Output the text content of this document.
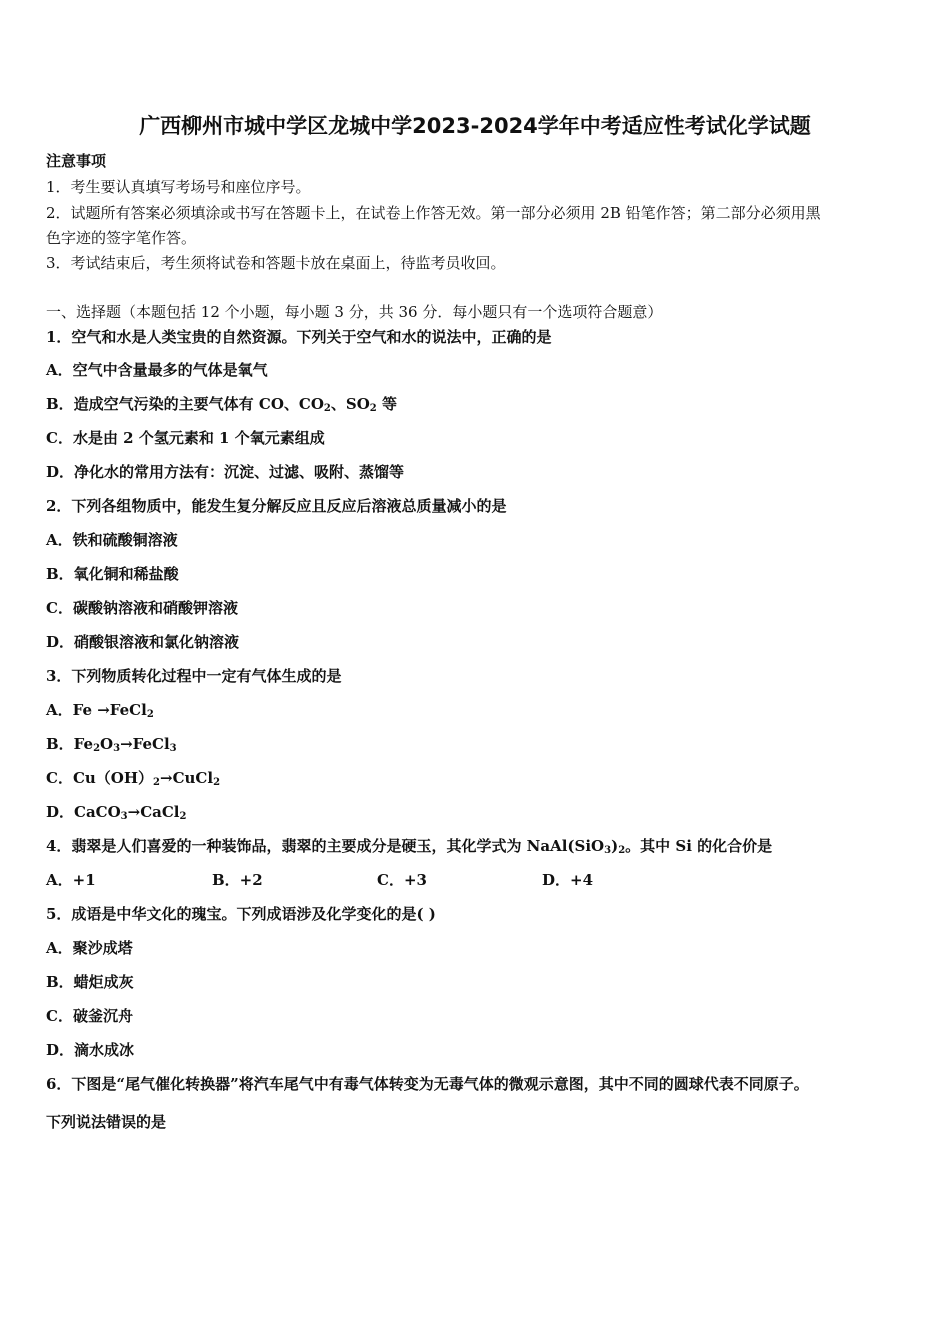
广西柳州市城中学区龙城中学2023-2024学年中考适应性考试化学试题
注意事项
1．考生要认真填写考场号和座位序号。
2．试题所有答案必须填涂或书写在答题卡上，在试卷上作答无效。第一部分必须用 2B 铅笔作答；第二部分必须用黑
色字迹的签字笔作答。
3．考试结束后，考生须将试卷和答题卡放在桌面上，待监考员收回。
一、选择题（本题包括 12 个小题，每小题 3 分，共 36 分．每小题只有一个选项符合题意）
1．空气和水是人类宝贵的自然资源。下列关于空气和水的说法中，正确的是
A．空气中含量最多的气体是氧气
B．造成空气污染的主要气体有 CO、$CO_2$、$SO_2$ 等
C．水是由 2 个氢元素和 1 个氧元素组成
D．净化水的常用方法有：沉淀、过滤、吸附、蒸馏等
2．下列各组物质中，能发生复分解反应且反应后溶液总质量减小的是
A．铁和硫酸铜溶液
B．氧化铜和稀盐酸
C．碳酸钠溶液和硝酸钾溶液
D．硝酸银溶液和氯化钠溶液
3．下列物质转化过程中一定有气体生成的是
A．Fe →FeCl$_2$
B．$Fe_2O_3\to FeCl_3$
C．$Cu(OH)_2\to CuCl_2$
D．CaCO$_3$→CaCl$_2$
4．翡翠是人们喜爱的一种装饰品，翡翠的主要成分是硬玉，其化学式为 $NaAl(SiO_3)_2$。其中 Si 的化合价是
A．+1	B．+2	C．+3	D．+4
5．成语是中华文化的瑰宝。下列成语涉及化学变化的是( )
A．聚沙成塔
B．蜡炬成灰
C．破釜沉舟
D．滴水成冰
6．下图是“尾气催化转换器”将汽车尾气中有毒气体转变为无毒气体的微观示意图，其中不同的圆球代表不同原子。
下列说法错误的是
